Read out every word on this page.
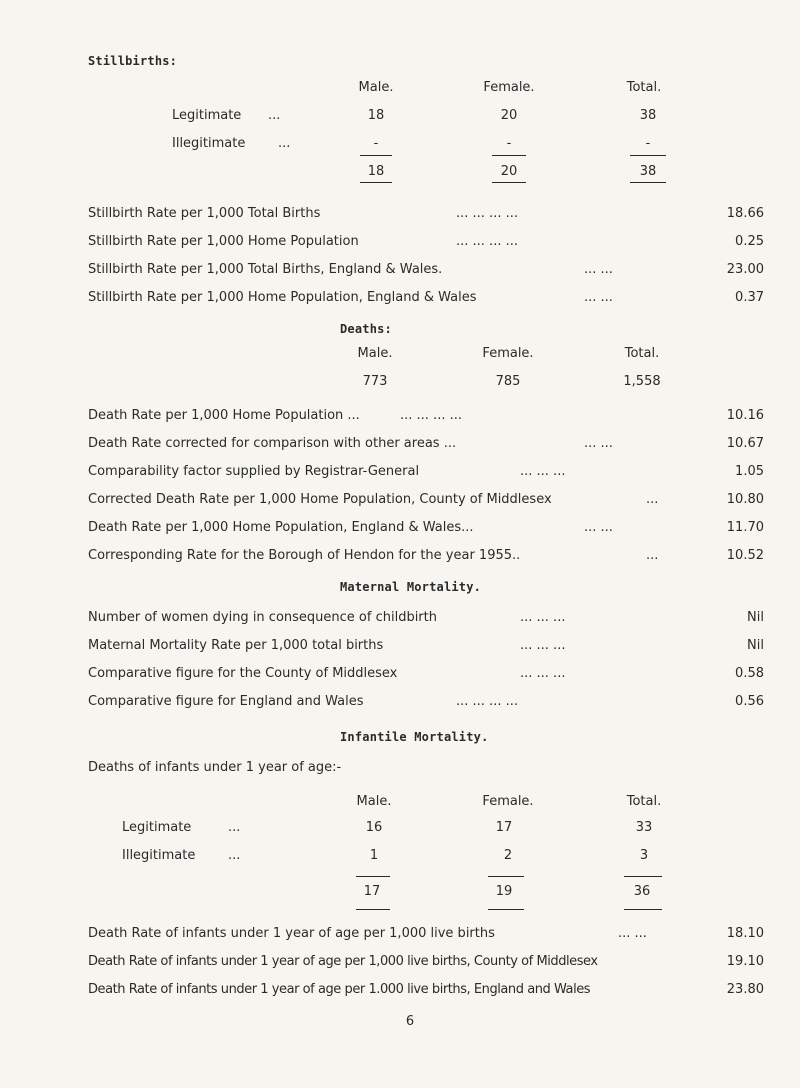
Stillbirths:
Male.	Female.	Total.
Legitimate ...	18	20	38
Illegitimate	...	-	-	-
18	20	38
Stillbirth Rate per 1,000 Total Births	... ... ... ...	18.66
Stillbirth Rate per 1,000 Home Population	... ... ... ...	0.25
Stillbirth Rate per 1,000 Total Births, England & Wales.	... ...	23.00
Stillbirth Rate per 1,000 Home Population, England & Wales	... ...	0.37
Deaths:
Male.	Female.	Total.
773	785	1,558
Death Rate per 1,000 Home Population ...	... ... ... ...	10.16
Death Rate corrected for comparison with other areas ...	... ...	10.67
Comparability factor supplied by Registrar-General	... ... ...	1.05
Corrected Death Rate per 1,000 Home Population, County of Middlesex	...	10.80
Death Rate per 1,000 Home Population, England & Wales...	... ...	11.70
Corresponding Rate for the Borough of Hendon for the year 1955..	...	10.52
Maternal Mortality.
Number of women dying in consequence of childbirth	... ... ...	Nil
Maternal Mortality Rate per 1,000 total births	... ... ...	Nil
Comparative figure for the County of Middlesex	... ... ...	0.58
Comparative figure for England and Wales	... ... ... ...	0.56
Infantile Mortality.
Deaths of infants under 1 year of age:-
Male.	Female.	Total.
Legitimate	...	16	17	33
Illegitimate	...	1	2	3
17	19	36
Death Rate of infants under 1 year of age per 1,000 live births	... ...	18.10
Death Rate of infants under 1 year of age per 1,000 live births, County of Middlesex	19.10
Death Rate of infants under 1 year of age per 1.000 live births, England and Wales	23.80
6
